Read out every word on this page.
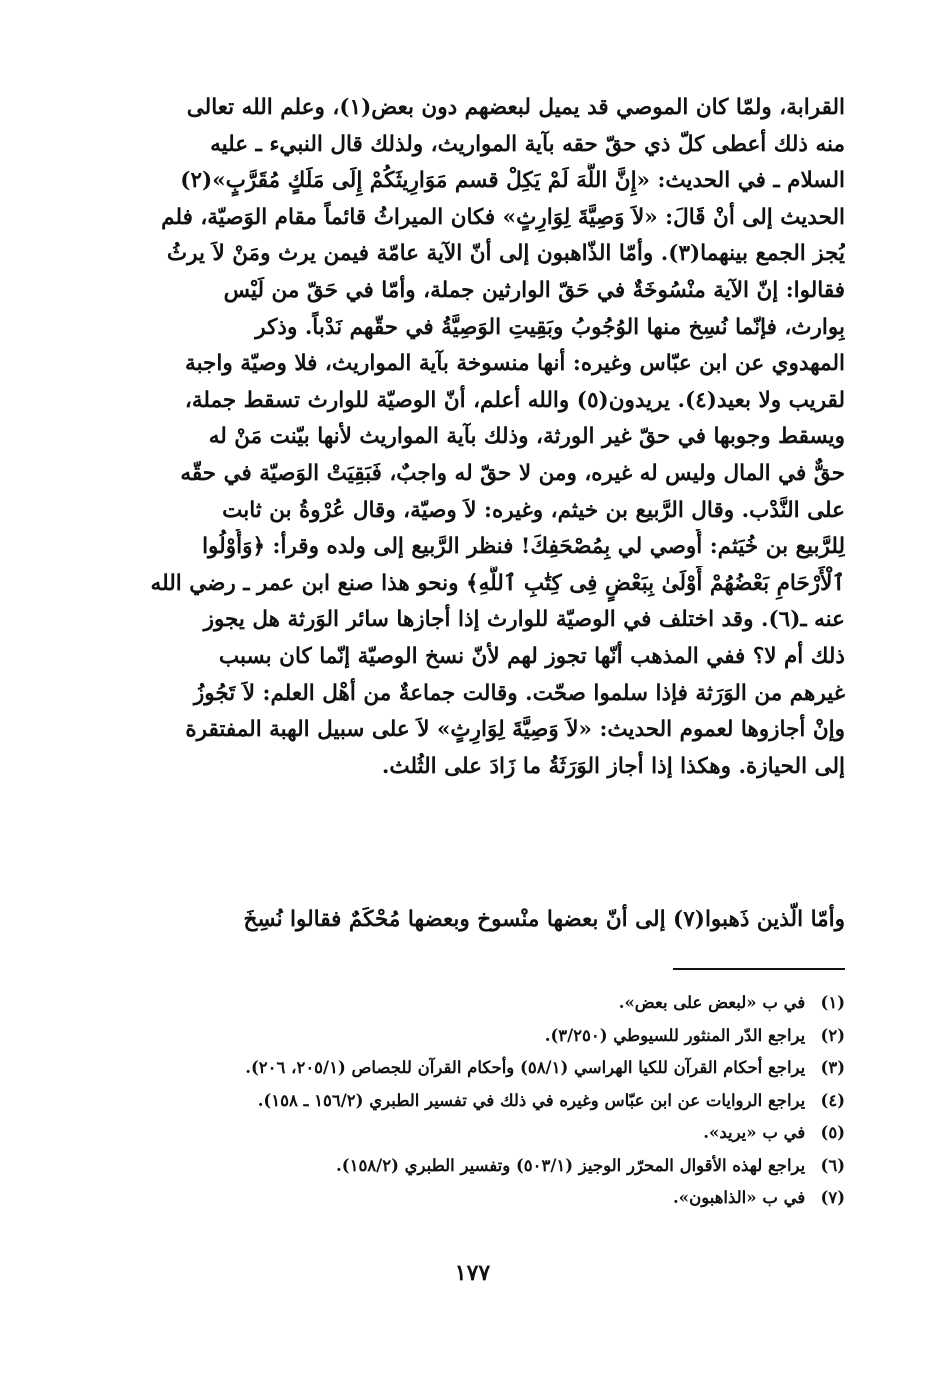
القرابة، ولمّا كان الموصي قد يميل لبعضهم دون بعض(١)، وعلم الله تعالى
منه ذلك أعطى كلّ ذي حقّ حقه بآية المواريث، ولذلك قال النبيء ـ عليه
السلام ـ في الحديث: «إِنَّ اللَّهَ لَمْ يَكِلْ قسم مَوَارِيثَكُمْ إِلَى مَلَكٍ مُقَرَّبٍ»(٢)
الحديث إلى أنْ قَالَ: «لاَ وَصِيَّةَ لِوَارِثٍ» فكان الميراثُ قائماً مقام الوَصيّة، فلم
يُجز الجمع بينهما(٣). وأمّا الذّاهبون إلى أنّ الآية عامّة فيمن يرث ومَنْ لاَ يرثُ
فقالوا: إنّ الآية منْسُوخَةٌ في حَقّ الوارثين جملة، وأمّا في حَقّ من لَيْس
بِوارث، فإنّما نُسِخ منها الوُجُوبُ وبَقِيتِ الوَصِيَّةُ في حقّهم نَدْباً. وذكر
المهدوي عن ابن عبّاس وغيره: أنها منسوخة بآية المواريث، فلا وصيّة واجبة
لقريب ولا بعيد(٤). يريدون(٥) والله أعلم، أنّ الوصيّة للوارث تسقط جملة،
ويسقط وجوبها في حقّ غير الورثة، وذلك بآية المواريث لأنها بيّنت مَنْ له
حقٌّ في المال وليس له غيره، ومن لا حقّ له واجبٌ، فَبَقِيَتْ الوَصيّة في حقّه
على النَّدْب. وقال الرَّبيع بن خيثم، وغيره: لاَ وصيّة، وقال عُرْوةُ بن ثابت
لِلرَّبيع بن خُيَثم: أُوصي لي بِمُصْحَفِكَ! فنظر الرَّبيع إلى ولده وقرأ: ﴿وَأُوْلُوا
ٱلْأَرْحَامِ بَعْضُهُمْ أَوْلَىٰ بِبَعْضٍ فِى كِتَٰبِ ٱللَّهِ﴾ ونحو هذا صنع ابن عمر ـ رضي الله
عنه ـ(٦). وقد اختلف في الوصيّة للوارث إذا أجازها سائر الوَرثة هل يجوز
ذلك أم لا؟ ففي المذهب أنّها تجوز لهم لأنّ نسخ الوصيّة إنّما كان بسبب
غيرهم من الوَرَثة فإذا سلموا صحّت. وقالت جماعةٌ من أهْل العلم: لاَ تَجُوزُ
وإنْ أجازوها لعموم الحديث: «لاَ وَصِيَّةَ لِوَارِثٍ» لاَ على سبيل الهبة المفتقرة
إلى الحيازة. وهكذا إذا أجاز الوَرَثَةُ ما زَادَ على الثُلث.
وأمّا الّذين ذَهبوا(٧) إلى أنّ بعضها منْسوخ وبعضها مُحْكَمٌ فقالوا نُسِخَ
(١) في ب «لبعض على بعض».
(٢) يراجع الدّر المنثور للسيوطي (٣/٢٥٠).
(٣) يراجع أحكام القرآن للكيا الهراسي (٥٨/١) وأحكام القرآن للجصاص (٢٠٥/١، ٢٠٦).
(٤) يراجع الروايات عن ابن عبّاس وغيره في ذلك في تفسير الطبري (١٥٦/٢ ـ ١٥٨).
(٥) في ب «يريد».
(٦) يراجع لهذه الأقوال المحرّر الوجيز (٥٠٣/١) وتفسير الطبري (١٥٨/٢).
(٧) في ب «الذاهبون».
١٧٧
